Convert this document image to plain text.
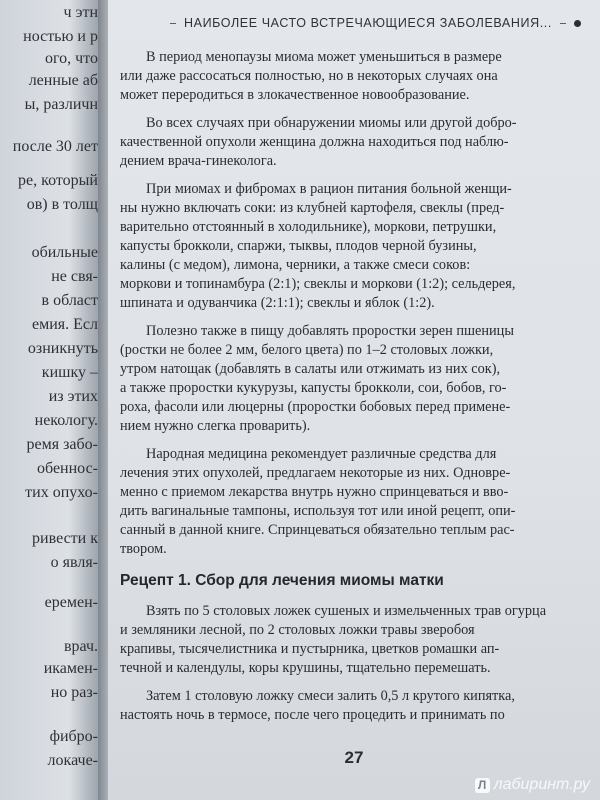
ч этн
ностью и р
ого, что
ленные аб
ы, различн
после 30 лет
ре, который
ов) в толщ
обильные
не свя-
в област
емия. Есл
озникнуть
кишку –
из этих
некологу.
ремя забо-
обеннос-
тих опухо-
ривести к
о явля-
еремен-
врач.
икамен-
но раз-
фибро-
локаче-
НАИБОЛЕЕ ЧАСТО ВСТРЕЧАЮЩИЕСЯ ЗАБОЛЕВАНИЯ...
В период менопаузы миома может уменьшиться в размере
или даже рассосаться полностью, но в некоторых случаях она
может переродиться в злокачественное новообразование.
Во всех случаях при обнаружении миомы или другой добро-
качественной опухоли женщина должна находиться под наблю-
дением врача-гинеколога.
При миомах и фибромах в рацион питания больной женщи-
ны нужно включать соки: из клубней картофеля, свеклы (пред-
варительно отстоянный в холодильнике), моркови, петрушки,
капусты брокколи, спаржи, тыквы, плодов черной бузины,
калины (с медом), лимона, черники, а также смеси соков:
моркови и топинамбура (2:1); свеклы и моркови (1:2); сельдерея,
шпината и одуванчика (2:1:1); свеклы и яблок (1:2).
Полезно также в пищу добавлять проростки зерен пшеницы
(ростки не более 2 мм, белого цвета) по 1–2 столовых ложки,
утром натощак (добавлять в салаты или отжимать из них сок),
а также проростки кукурузы, капусты брокколи, сои, бобов, го-
роха, фасоли или люцерны (проростки бобовых перед примене-
нием нужно слегка проварить).
Народная медицина рекомендует различные средства для
лечения этих опухолей, предлагаем некоторые из них. Одновре-
менно с приемом лекарства внутрь нужно спринцеваться и вво-
дить вагинальные тампоны, используя тот или иной рецепт, опи-
санный в данной книге. Спринцеваться обязательно теплым рас-
твором.
Рецепт 1. Сбор для лечения миомы матки
Взять по 5 столовых ложек сушеных и измельченных трав огурца
и земляники лесной, по 2 столовых ложки травы зверобоя
крапивы, тысячелистника и пустырника, цветков ромашки ап-
течной и календулы, коры крушины, тщательно перемешать.
Затем 1 столовую ложку смеси залить 0,5 л крутого кипятка,
настоять ночь в термосе, после чего процедить и принимать по
27
Л лабиринт.ру
